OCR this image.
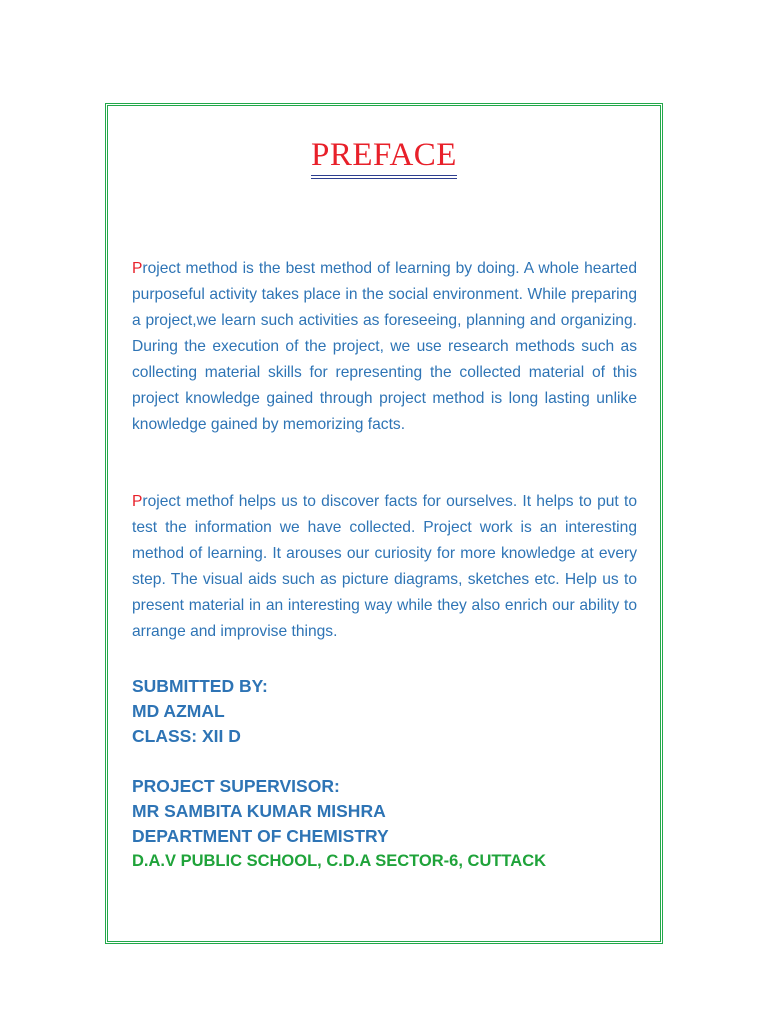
PREFACE

Project method is the best method of learning by doing. A whole hearted purposeful activity takes place in the social environment. While preparing a project,we learn such activities as foreseeing, planning and organizing. During the execution of the project, we use research methods such as collecting material skills for representing the collected material of this project knowledge gained through project method is long lasting unlike knowledge gained by memorizing facts.

Project methof helps us to discover facts for ourselves. It helps to put to test the information we have collected. Project work is an interesting method of learning. It arouses our curiosity for more knowledge at every step. The visual aids such as picture diagrams, sketches etc. Help us to present material in an interesting way while they also enrich our ability to arrange and improvise things.

SUBMITTED BY:
MD AZMAL
CLASS: XII D
PROJECT SUPERVISOR:
MR SAMBITA KUMAR MISHRA
DEPARTMENT OF CHEMISTRY
D.A.V PUBLIC SCHOOL, C.D.A SECTOR-6, CUTTACK
